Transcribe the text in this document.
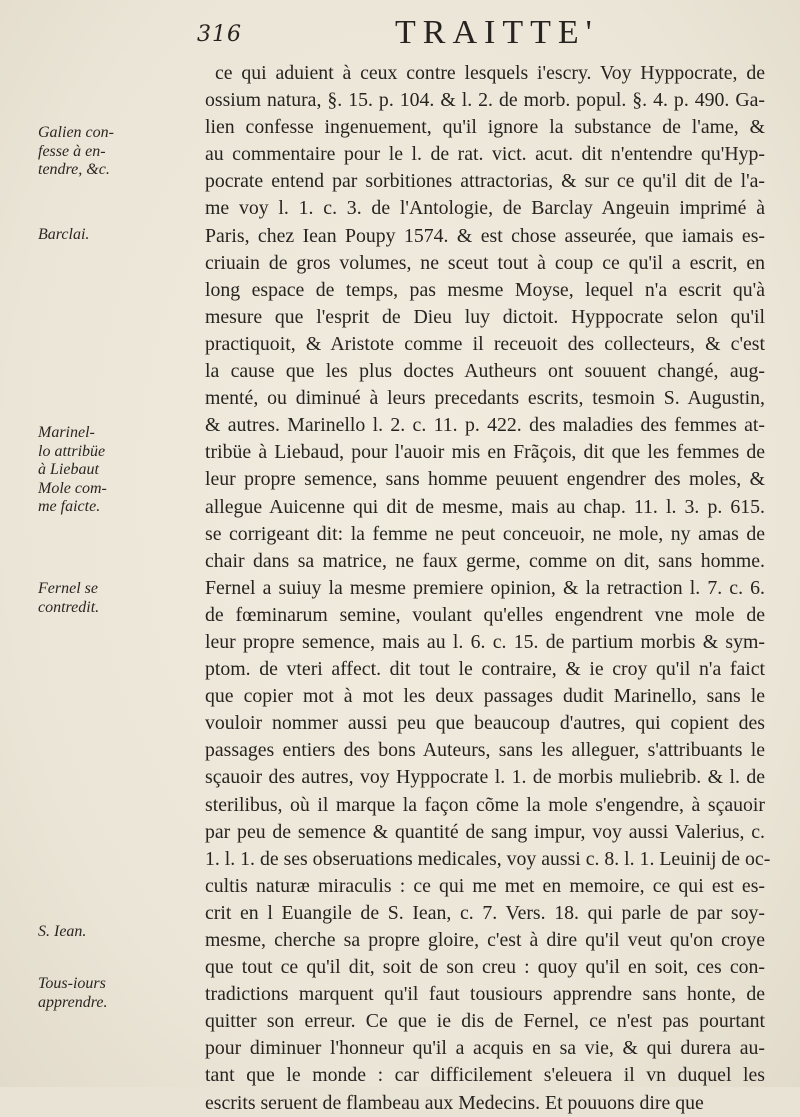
316	TRAITTE'
Galien con-
fesse à en-
tendre, &c.
Barclai.
Marinel-
lo attribüe
à Liebaut
Mole com-
me faicte.
Fernel se
contredit.
S. Iean.
Tous-iours
apprendre.
ce qui aduient à ceux contre lesquels i'escry. Voy Hyppocrate, de
ossium natura, §. 15. p. 104. & l. 2. de morb. popul. §. 4. p. 490. Ga-
lien confesse ingenuement, qu'il ignore la substance de l'ame, &
au commentaire pour le l. de rat. vict. acut. dit n'entendre qu'Hyp-
pocrate entend par sorbitiones attractorias, & sur ce qu'il dit de l'a-
me voy l. 1. c. 3. de l'Antologie, de Barclay Angeuin imprimé à
Paris, chez Iean Poupy 1574. & est chose asseurée, que iamais es-
criuain de gros volumes, ne sceut tout à coup ce qu'il a escrit, en
long espace de temps, pas mesme Moyse, lequel n'a escrit qu'à
mesure que l'esprit de Dieu luy dictoit. Hyppocrate selon qu'il
practiquoit, & Aristote comme il receuoit des collecteurs, & c'est
la cause que les plus doctes Autheurs ont souuent changé, aug-
menté, ou diminué à leurs precedants escrits, tesmoin S. Augustin,
& autres. Marinello l. 2. c. 11. p. 422. des maladies des femmes at-
tribüe à Liebaud, pour l'auoir mis en Frãçois, dit que les femmes de
leur propre semence, sans homme peuuent engendrer des moles, &
allegue Auicenne qui dit de mesme, mais au chap. 11. l. 3. p. 615.
se corrigeant dit: la femme ne peut conceuoir, ne mole, ny amas de
chair dans sa matrice, ne faux germe, comme on dit, sans homme.
Fernel a suiuy la mesme premiere opinion, & la retraction l. 7. c. 6.
de fœminarum semine, voulant qu'elles engendrent vne mole de
leur propre semence, mais au l. 6. c. 15. de partium morbis & sym-
ptom. de vteri affect. dit tout le contraire, & ie croy qu'il n'a faict
que copier mot à mot les deux passages dudit Marinello, sans le
vouloir nommer aussi peu que beaucoup d'autres, qui copient des
passages entiers des bons Auteurs, sans les alleguer, s'attribuants le
sçauoir des autres, voy Hyppocrate l. 1. de morbis muliebrib. & l. de
sterilibus, où il marque la façon cõme la mole s'engendre, à sçauoir
par peu de semence & quantité de sang impur, voy aussi Valerius, c.
1. l. 1. de ses obseruations medicales, voy aussi c. 8. l. 1. Leuinij de oc-
cultis naturæ miraculis : ce qui me met en memoire, ce qui est es-
crit en l Euangile de S. Iean, c. 7. Vers. 18. qui parle de par soy-
mesme, cherche sa propre gloire, c'est à dire qu'il veut qu'on croye
que tout ce qu'il dit, soit de son creu : quoy qu'il en soit, ces con-
tradictions marquent qu'il faut tousiours apprendre sans honte, de
quitter son erreur. Ce que ie dis de Fernel, ce n'est pas pourtant
pour diminuer l'honneur qu'il a acquis en sa vie, & qui durera au-
tant que le monde : car difficilement s'eleuera il vn duquel les
escrits seruent de flambeau aux Medecins. Et pouuons dire que
